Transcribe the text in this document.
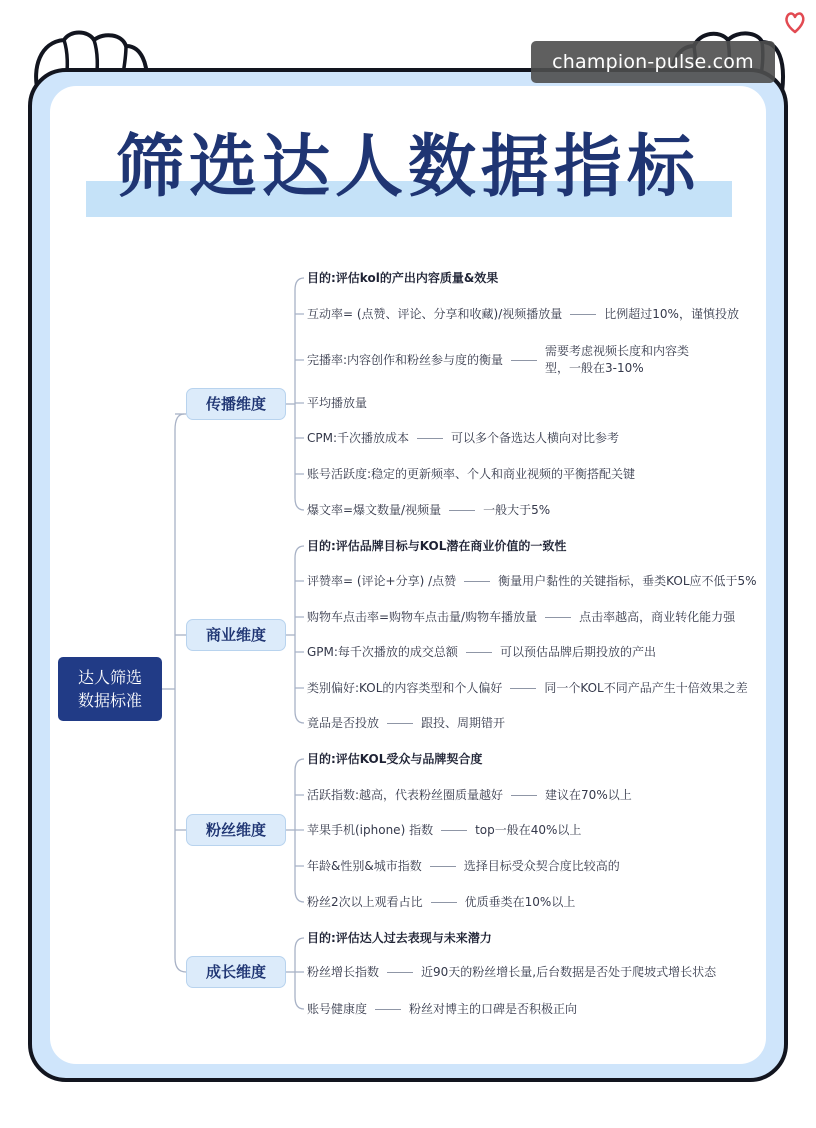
champion-pulse.com
筛选达人数据指标
达人筛选
数据标准
传播维度
目的:评估kol的产出内容质量&效果
互动率= (点赞、评论、分享和收藏)/视频播放量	比例超过10%，谨慎投放
完播率:内容创作和粉丝参与度的衡量
需要考虑视频长度和内容类型，一般在3-10%
平均播放量
CPM:千次播放成本	可以多个备选达人横向对比参考
账号活跃度:稳定的更新频率、个人和商业视频的平衡搭配关键
爆文率=爆文数量/视频量	一般大于5%
商业维度
目的:评估品牌目标与KOL潜在商业价值的一致性
评赞率= (评论+分享) /点赞	衡量用户黏性的关键指标，垂类KOL应不低于5%
购物车点击率=购物车点击量/购物车播放量	点击率越高，商业转化能力强
GPM:每千次播放的成交总额	可以预估品牌后期投放的产出
类别偏好:KOL的内容类型和个人偏好	同一个KOL不同产品产生十倍效果之差
竟品是否投放	跟投、周期错开
粉丝维度
目的:评估KOL受众与品牌契合度
活跃指数:越高，代表粉丝圈质量越好	建议在70%以上
苹果手机(iphone) 指数	top一般在40%以上
年龄&性别&城市指数	选择目标受众契合度比较高的
粉丝2次以上观看占比	优质垂类在10%以上
成长维度
目的:评估达人过去表现与未来潜力
粉丝增长指数	近90天的粉丝增长量,后台数据是否处于爬坡式增长状态
账号健康度	粉丝对博主的口碑是否积极正向
